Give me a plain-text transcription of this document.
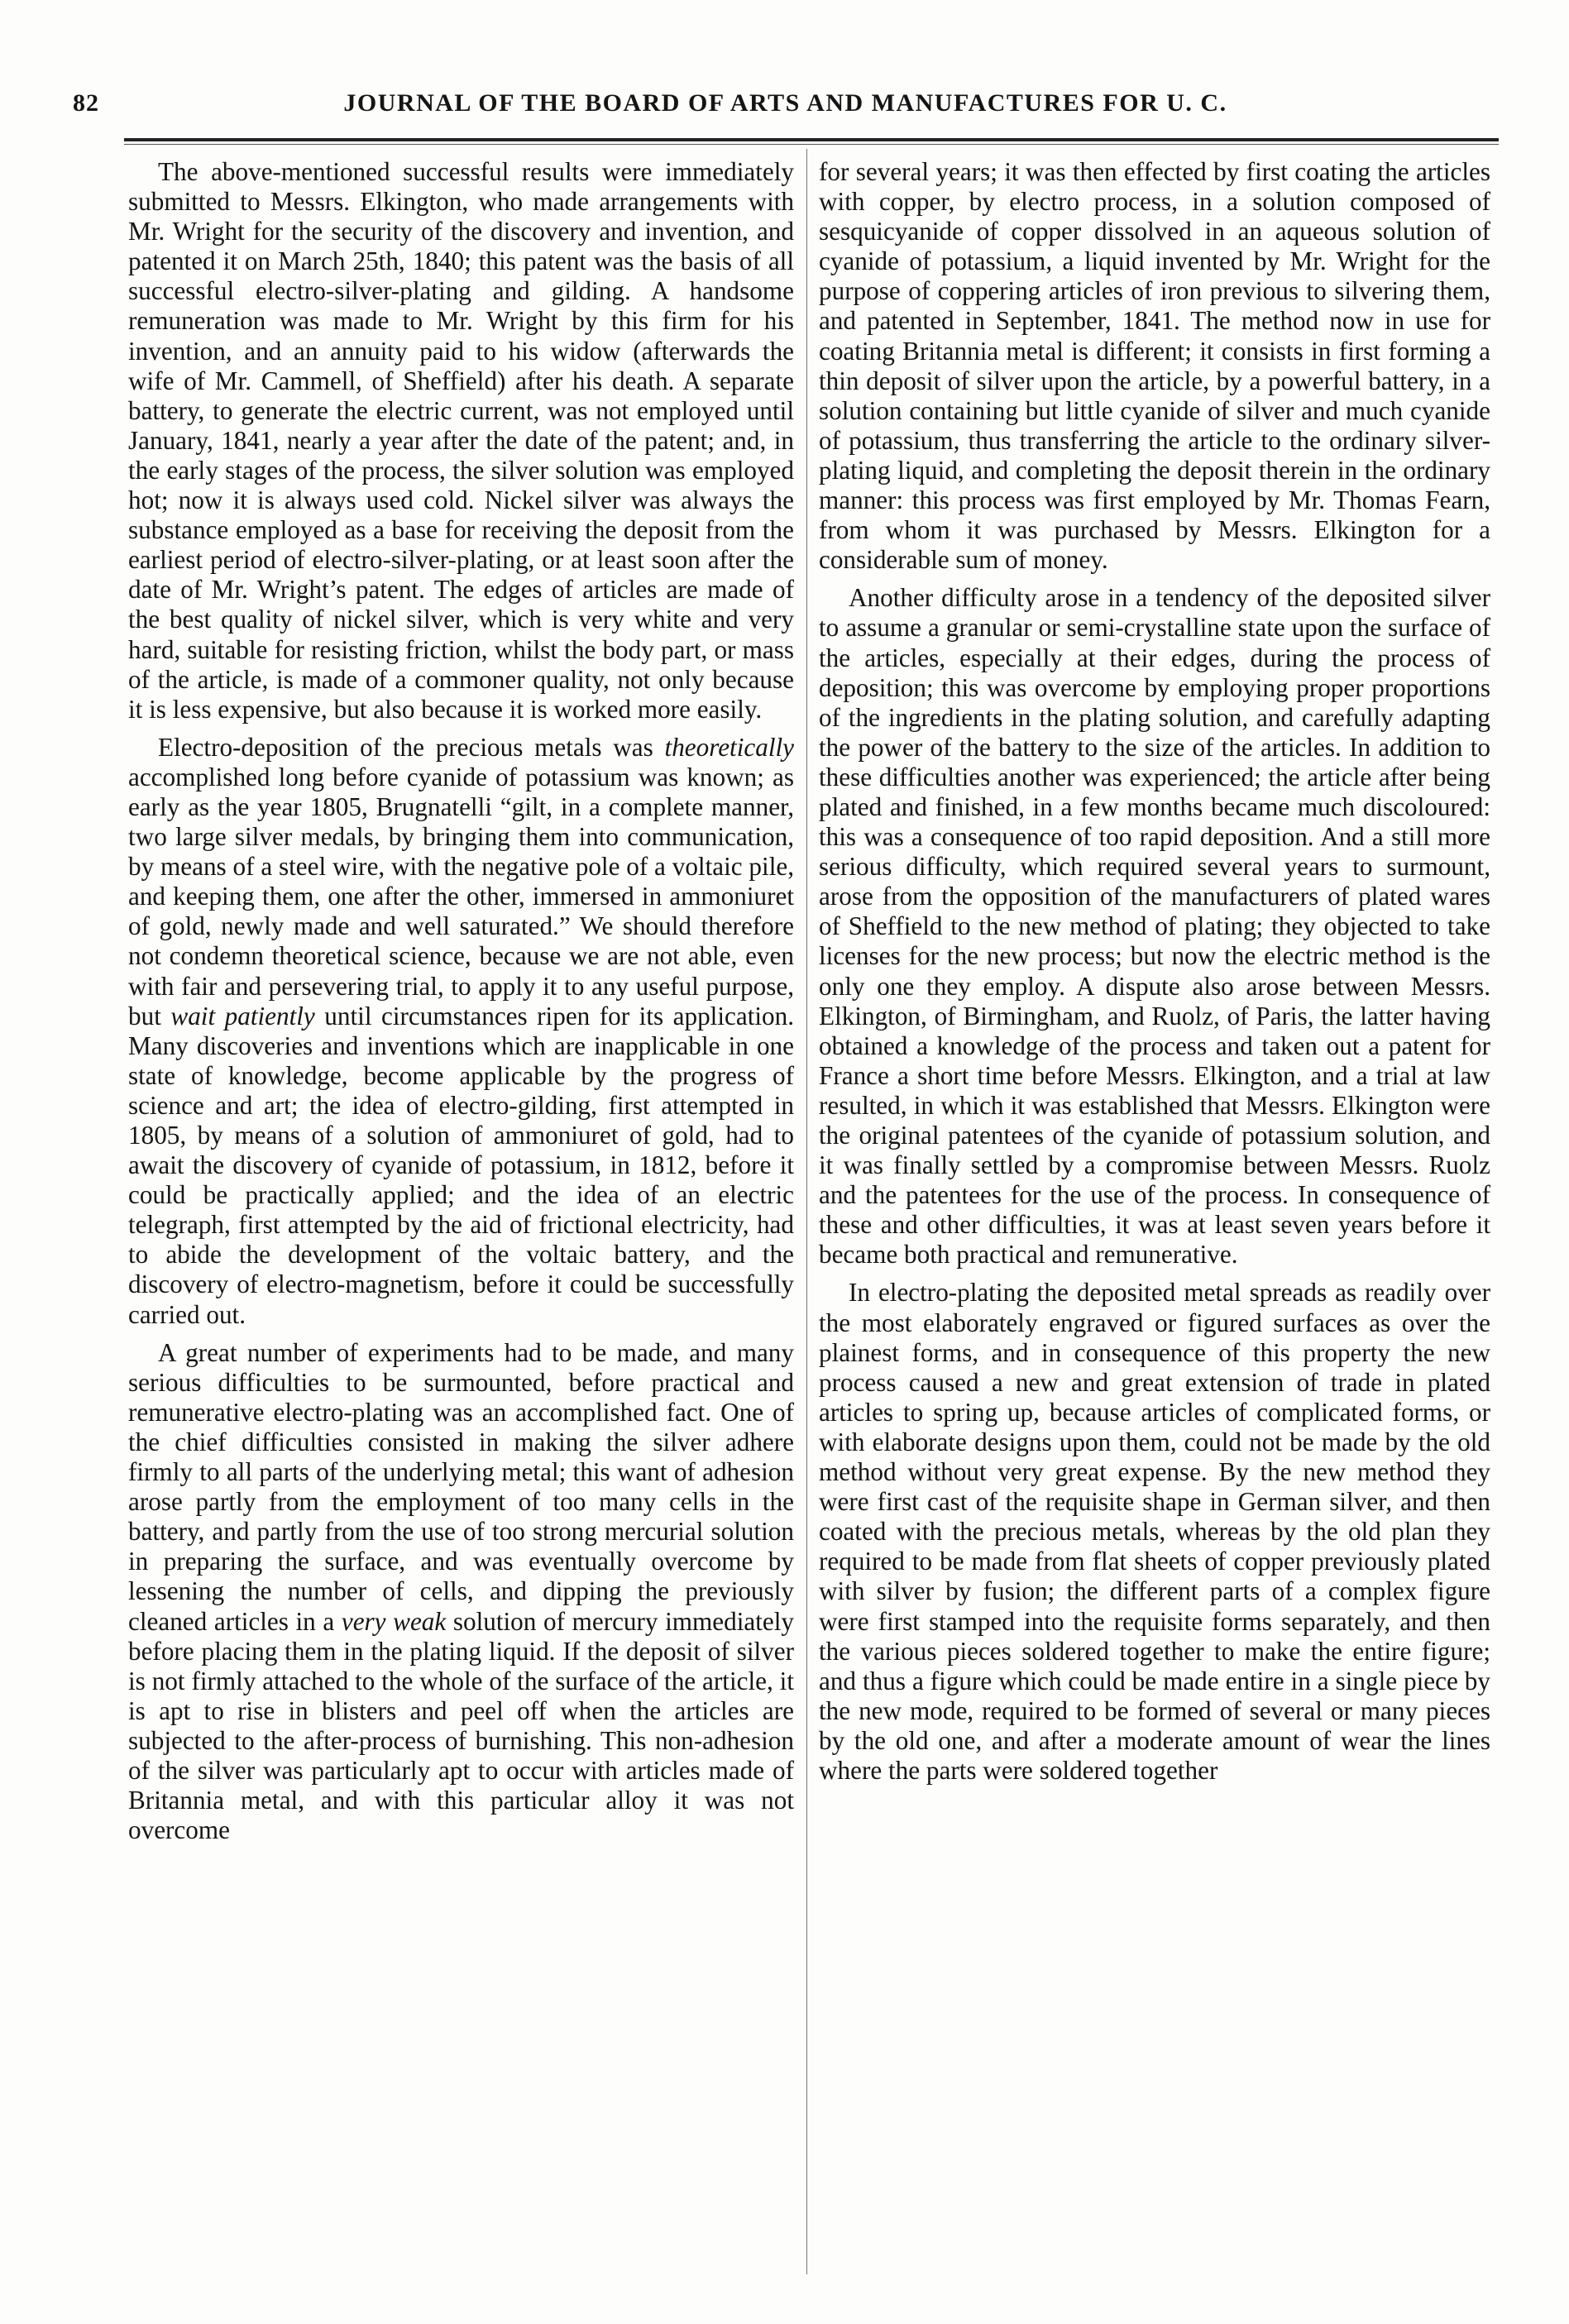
82	JOURNAL OF THE BOARD OF ARTS AND MANUFACTURES FOR U. C.

The above-mentioned successful results were immediately submitted to Messrs. Elkington, who made arrangements with Mr. Wright for the security of the discovery and invention, and patented it on March 25th, 1840; this patent was the basis of all successful electro-silver-plating and gilding. A handsome remuneration was made to Mr. Wright by this firm for his invention, and an annuity paid to his widow (afterwards the wife of Mr. Cammell, of Sheffield) after his death. A separate battery, to generate the electric current, was not employed until January, 1841, nearly a year after the date of the patent; and, in the early stages of the process, the silver solution was employed hot; now it is always used cold. Nickel silver was always the substance employed as a base for receiving the deposit from the earliest period of electro-silver-plating, or at least soon after the date of Mr. Wright’s patent. The edges of articles are made of the best quality of nickel silver, which is very white and very hard, suitable for resisting friction, whilst the body part, or mass of the article, is made of a commoner quality, not only because it is less expensive, but also because it is worked more easily.

Electro-deposition of the precious metals was theoretically accomplished long before cyanide of potassium was known; as early as the year 1805, Brugnatelli “gilt, in a complete manner, two large silver medals, by bringing them into communication, by means of a steel wire, with the negative pole of a voltaic pile, and keeping them, one after the other, immersed in ammoniuret of gold, newly made and well saturated.” We should therefore not condemn theoretical science, because we are not able, even with fair and persevering trial, to apply it to any useful purpose, but wait patiently until circumstances ripen for its application. Many discoveries and inventions which are inapplicable in one state of knowledge, become applicable by the progress of science and art; the idea of electro-gilding, first attempted in 1805, by means of a solution of ammoniuret of gold, had to await the discovery of cyanide of potassium, in 1812, before it could be practically applied; and the idea of an electric telegraph, first attempted by the aid of frictional electricity, had to abide the development of the voltaic battery, and the discovery of electro-magnetism, before it could be successfully carried out.

A great number of experiments had to be made, and many serious difficulties to be surmounted, before practical and remunerative electro-plating was an accomplished fact. One of the chief difficulties consisted in making the silver adhere firmly to all parts of the underlying metal; this want of adhesion arose partly from the employment of too many cells in the battery, and partly from the use of too strong mercurial solution in preparing the surface, and was eventually overcome by lessening the number of cells, and dipping the previously cleaned articles in a very weak solution of mercury immediately before placing them in the plating liquid. If the deposit of silver is not firmly attached to the whole of the surface of the article, it is apt to rise in blisters and peel off when the articles are subjected to the after-process of burnishing. This non-adhesion of the silver was particularly apt to occur with articles made of Britannia metal, and with this particular alloy it was not overcome

for several years; it was then effected by first coating the articles with copper, by electro process, in a solution composed of sesquicyanide of copper dissolved in an aqueous solution of cyanide of potassium, a liquid invented by Mr. Wright for the purpose of coppering articles of iron previous to silvering them, and patented in September, 1841. The method now in use for coating Britannia metal is different; it consists in first forming a thin deposit of silver upon the article, by a powerful battery, in a solution containing but little cyanide of silver and much cyanide of potassium, thus transferring the article to the ordinary silver-plating liquid, and completing the deposit therein in the ordinary manner: this process was first employed by Mr. Thomas Fearn, from whom it was purchased by Messrs. Elkington for a considerable sum of money.

Another difficulty arose in a tendency of the deposited silver to assume a granular or semi-crystalline state upon the surface of the articles, especially at their edges, during the process of deposition; this was overcome by employing proper proportions of the ingredients in the plating solution, and carefully adapting the power of the battery to the size of the articles. In addition to these difficulties another was experienced; the article after being plated and finished, in a few months became much discoloured: this was a consequence of too rapid deposition. And a still more serious difficulty, which required several years to surmount, arose from the opposition of the manufacturers of plated wares of Sheffield to the new method of plating; they objected to take licenses for the new process; but now the electric method is the only one they employ. A dispute also arose between Messrs. Elkington, of Birmingham, and Ruolz, of Paris, the latter having obtained a knowledge of the process and taken out a patent for France a short time before Messrs. Elkington, and a trial at law resulted, in which it was established that Messrs. Elkington were the original patentees of the cyanide of potassium solution, and it was finally settled by a compromise between Messrs. Ruolz and the patentees for the use of the process. In consequence of these and other difficulties, it was at least seven years before it became both practical and remunerative.

In electro-plating the deposited metal spreads as readily over the most elaborately engraved or figured surfaces as over the plainest forms, and in consequence of this property the new process caused a new and great extension of trade in plated articles to spring up, because articles of complicated forms, or with elaborate designs upon them, could not be made by the old method without very great expense. By the new method they were first cast of the requisite shape in German silver, and then coated with the precious metals, whereas by the old plan they required to be made from flat sheets of copper previously plated with silver by fusion; the different parts of a complex figure were first stamped into the requisite forms separately, and then the various pieces soldered together to make the entire figure; and thus a figure which could be made entire in a single piece by the new mode, required to be formed of several or many pieces by the old one, and after a moderate amount of wear the lines where the parts were soldered together
